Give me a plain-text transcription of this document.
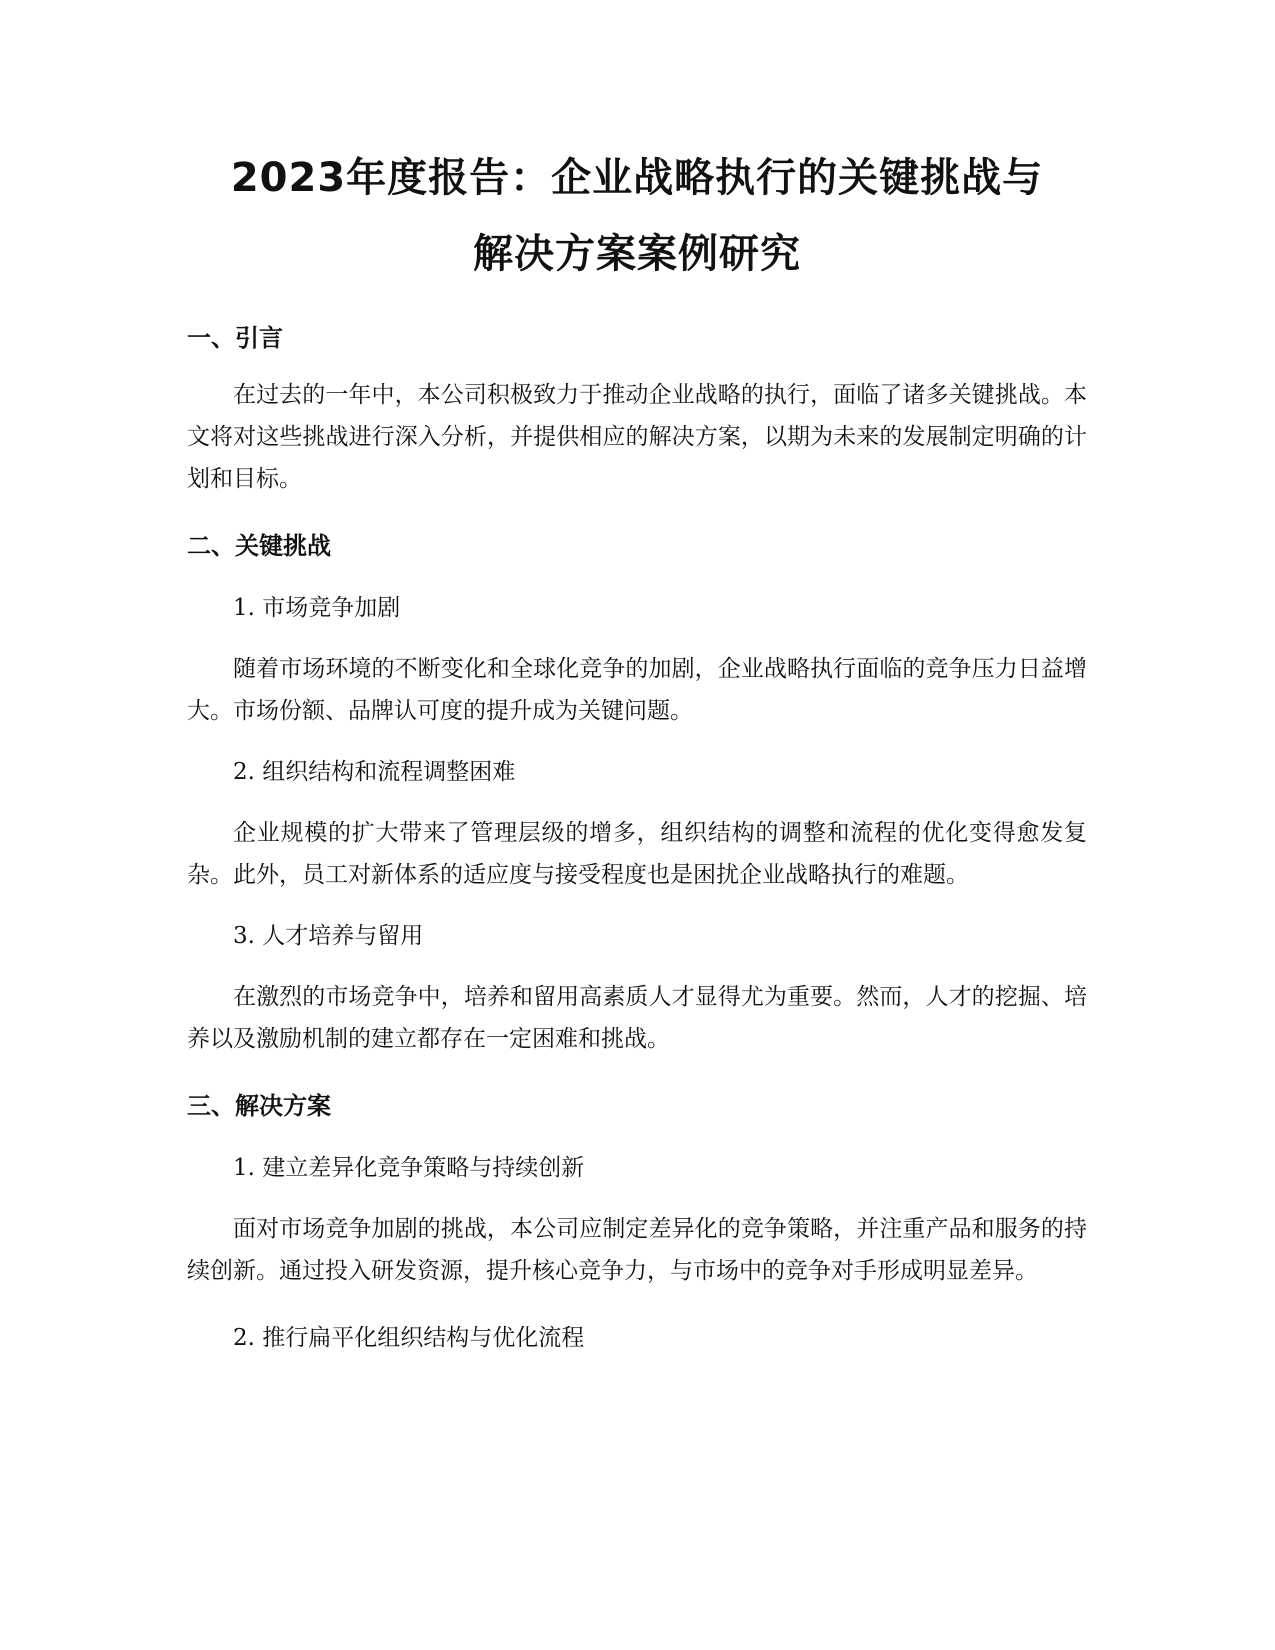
2023年度报告：企业战略执行的关键挑战与
解决方案案例研究
一、引言

在过去的一年中，本公司积极致力于推动企业战略的执行，面临了诸多关键挑战。本文将对这些挑战进行深入分析，并提供相应的解决方案，以期为未来的发展制定明确的计划和目标。

二、关键挑战

1. 市场竞争加剧

随着市场环境的不断变化和全球化竞争的加剧，企业战略执行面临的竞争压力日益增大。市场份额、品牌认可度的提升成为关键问题。

2. 组织结构和流程调整困难

企业规模的扩大带来了管理层级的增多，组织结构的调整和流程的优化变得愈发复杂。此外，员工对新体系的适应度与接受程度也是困扰企业战略执行的难题。

3. 人才培养与留用

在激烈的市场竞争中，培养和留用高素质人才显得尤为重要。然而，人才的挖掘、培养以及激励机制的建立都存在一定困难和挑战。

三、解决方案

1. 建立差异化竞争策略与持续创新

面对市场竞争加剧的挑战，本公司应制定差异化的竞争策略，并注重产品和服务的持续创新。通过投入研发资源，提升核心竞争力，与市场中的竞争对手形成明显差异。

2. 推行扁平化组织结构与优化流程
